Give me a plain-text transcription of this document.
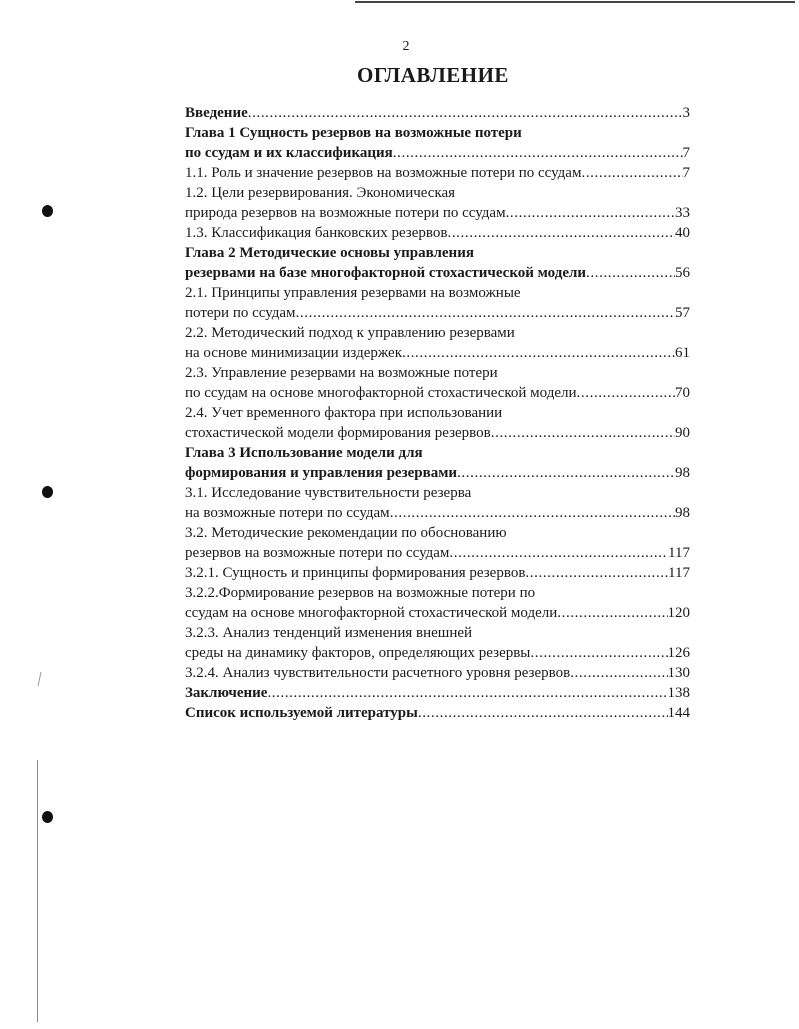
2
ОГЛАВЛЕНИЕ
Введение .....	3
Глава 1 Сущность резервов на возможные потери
по ссудам и их классификация .....	7
1.1. Роль и значение резервов на возможные потери по ссудам .....	7
1.2. Цели резервирования. Экономическая
природа резервов на возможные потери по ссудам .....	33
1.3. Классификация банковских резервов .....	40
Глава 2 Методические основы управления
резервами на базе многофакторной стохастической модели .....	56
2.1. Принципы управления резервами на возможные
потери по ссудам .....	57
2.2. Методический подход к управлению резервами
на основе минимизации издержек .....	61
2.3. Управление резервами на возможные потери
по ссудам на основе многофакторной стохастической модели .....	70
2.4. Учет временного фактора при использовании
стохастической модели формирования резервов .....	90
Глава 3 Использование модели для
формирования и управления резервами .....	98
3.1. Исследование чувствительности резерва
на возможные потери по ссудам .....	98
3.2. Методические рекомендации по обоснованию
резервов на возможные потери по ссудам .....	117
3.2.1. Сущность и принципы формирования резервов .....	117
3.2.2.Формирование резервов на возможные потери по
ссудам на основе многофакторной стохастической модели .....	120
3.2.3. Анализ тенденций изменения внешней
среды на динамику факторов, определяющих резервы .....	126
3.2.4. Анализ чувствительности расчетного уровня резервов .....	130
Заключение .....	138
Список используемой литературы .....	144
